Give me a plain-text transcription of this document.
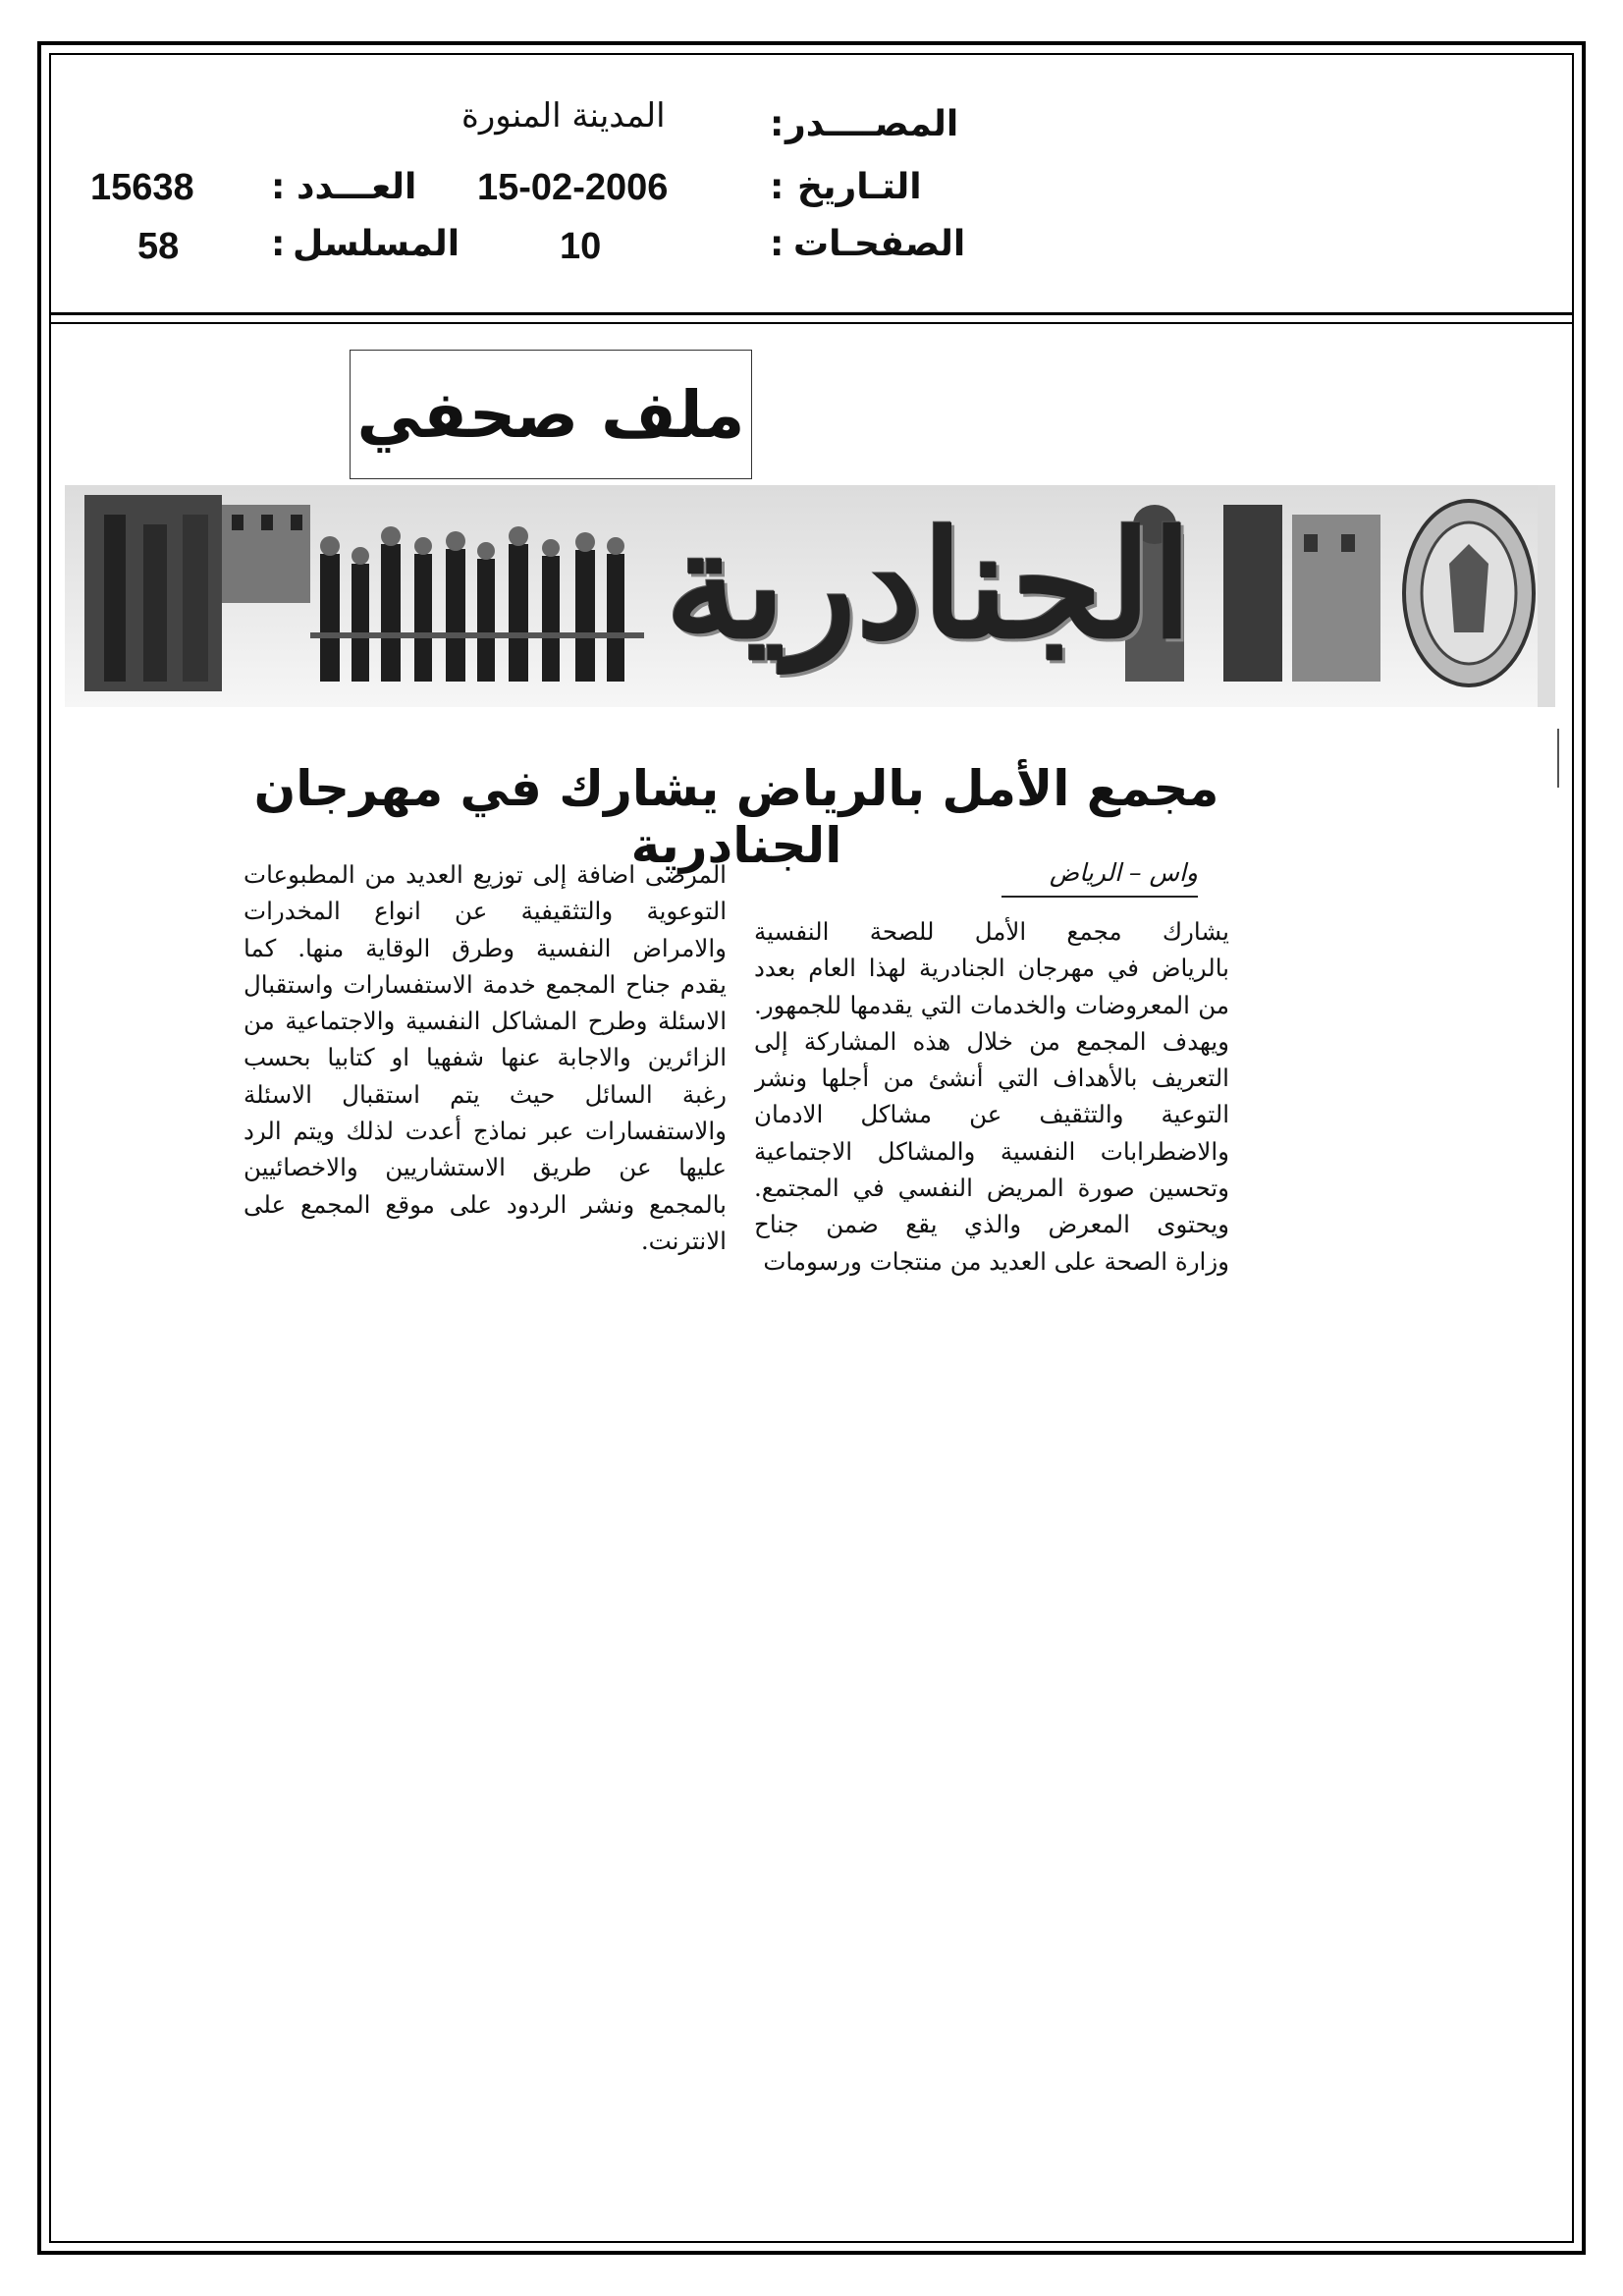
المصــــدر
:
المدينة المنورة
التـاريخ
:
15-02-2006
الصفحـات
:
10
العـــدد
:
15638
المسلسل
:
58
ملف صحفي
الجنادرية
مجمع الأمل بالرياض يشارك في مهرجان الجنادرية	واس – الرياض
يشارك مجمع الأمل للصحة النفسية
بالرياض في مهرجان الجنادرية لهذا العام بعدد
من المعروضات والخدمات التي يقدمها للجمهور.
ويهدف المجمع من خلال هذه المشاركة إلى
التعريف بالأهداف التي أنشئ من أجلها ونشر
التوعية والتثقيف عن مشاكل الادمان
والاضطرابات النفسية والمشاكل الاجتماعية
وتحسين صورة المريض النفسي في المجتمع.
ويحتوى المعرض والذي يقع ضمن جناح
وزارة الصحة على العديد من منتجات ورسومات
المرضى اضافة إلى توزيع العديد من المطبوعات
التوعوية والتثقيفية عن انواع المخدرات
والامراض النفسية وطرق الوقاية منها. كما
يقدم جناح المجمع خدمة الاستفسارات واستقبال
الاسئلة وطرح المشاكل النفسية والاجتماعية من
الزائرين والاجابة عنها شفهيا او كتابيا بحسب
رغبة السائل حيث يتم استقبال الاسئلة
والاستفسارات عبر نماذج أعدت لذلك ويتم الرد
عليها عن طريق الاستشاريين والاخصائيين
بالمجمع ونشر الردود على موقع المجمع على
الانترنت.
